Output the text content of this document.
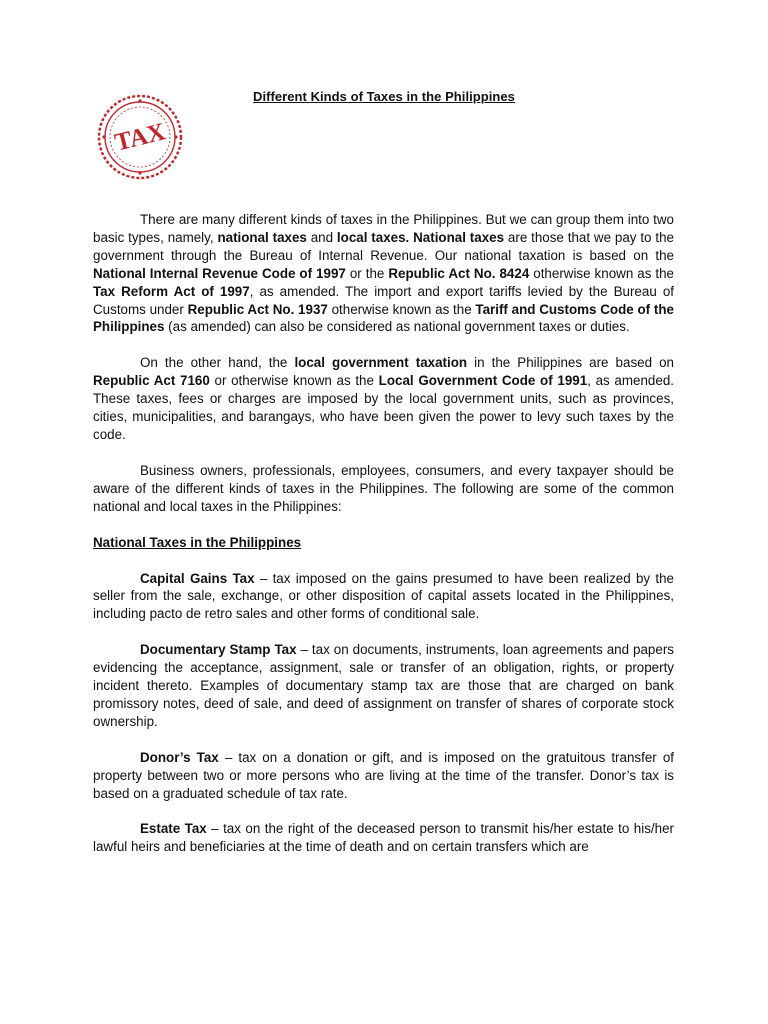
TAX
Different Kinds of Taxes in the Philippines

There are many different kinds of taxes in the Philippines. But we can group them into two basic types, namely, national taxes and local taxes. National taxes are those that we pay to the government through the Bureau of Internal Revenue. Our national taxation is based on the National Internal Revenue Code of 1997 or the Republic Act No. 8424 otherwise known as the Tax Reform Act of 1997, as amended. The import and export tariffs levied by the Bureau of Customs under Republic Act No. 1937 otherwise known as the Tariff and Customs Code of the Philippines (as amended) can also be considered as national government taxes or duties.

On the other hand, the local government taxation in the Philippines are based on Republic Act 7160 or otherwise known as the Local Government Code of 1991, as amended. These taxes, fees or charges are imposed by the local government units, such as provinces, cities, municipalities, and barangays, who have been given the power to levy such taxes by the code.

Business owners, professionals, employees, consumers, and every taxpayer should be aware of the different kinds of taxes in the Philippines. The following are some of the common national and local taxes in the Philippines:

National Taxes in the Philippines

Capital Gains Tax – tax imposed on the gains presumed to have been realized by the seller from the sale, exchange, or other disposition of capital assets located in the Philippines, including pacto de retro sales and other forms of conditional sale.

Documentary Stamp Tax – tax on documents, instruments, loan agreements and papers evidencing the acceptance, assignment, sale or transfer of an obligation, rights, or property incident thereto. Examples of documentary stamp tax are those that are charged on bank promissory notes, deed of sale, and deed of assignment on transfer of shares of corporate stock ownership.

Donor’s Tax – tax on a donation or gift, and is imposed on the gratuitous transfer of property between two or more persons who are living at the time of the transfer. Donor’s tax is based on a graduated schedule of tax rate.

Estate Tax – tax on the right of the deceased person to transmit his/her estate to his/her lawful heirs and beneficiaries at the time of death and on certain transfers which are
